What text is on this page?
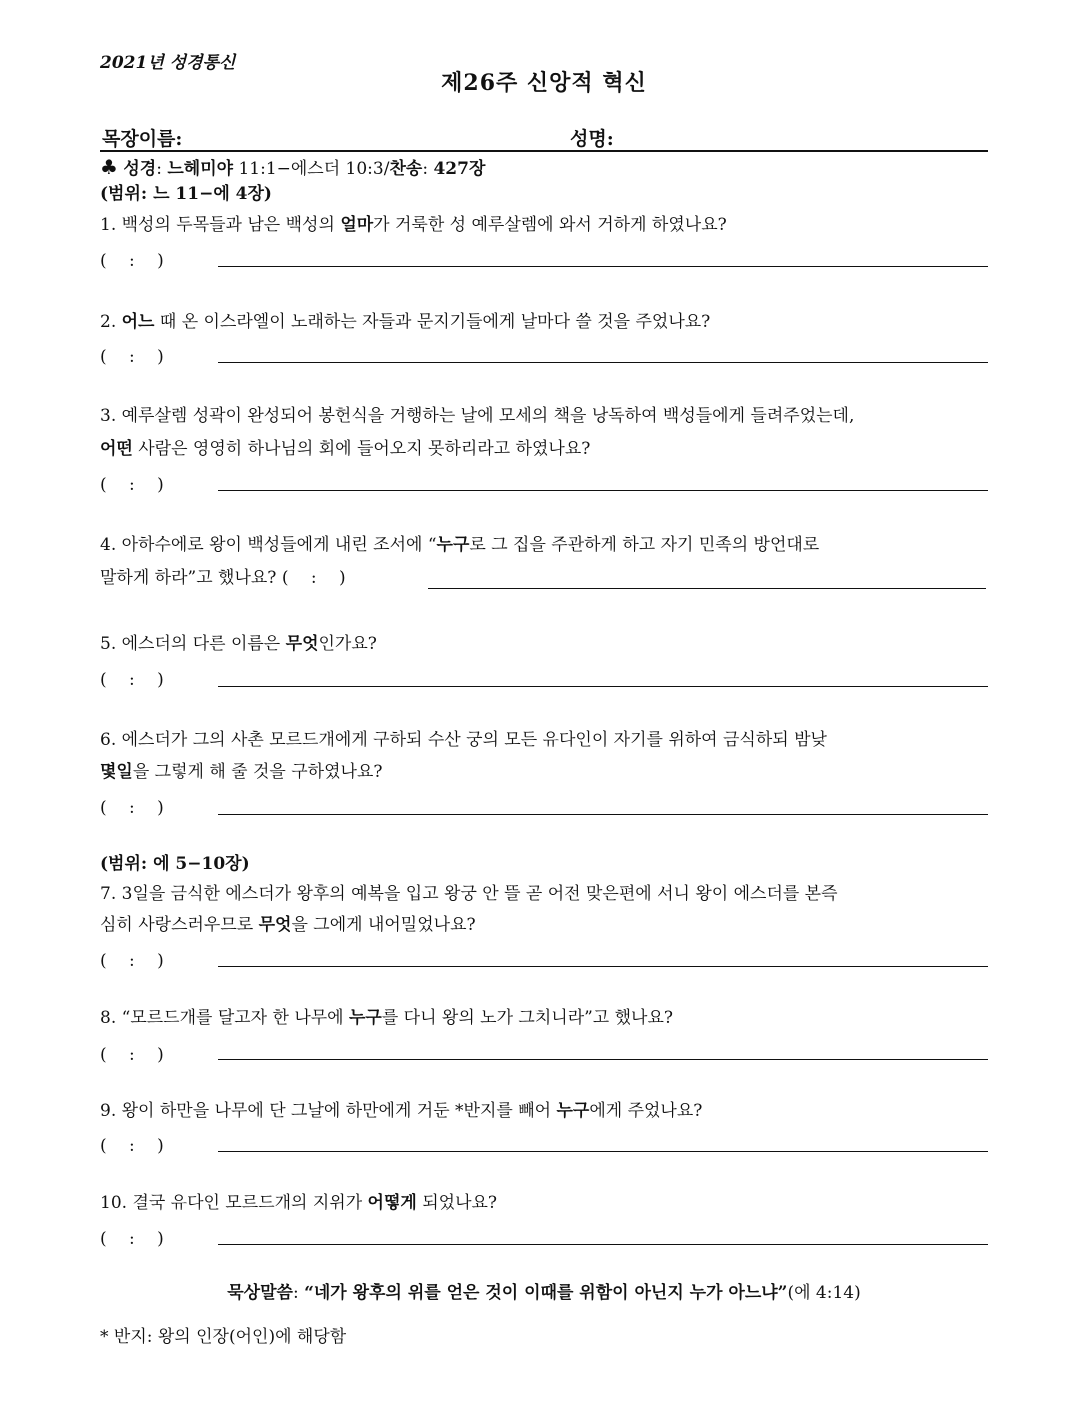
2021년 성경통신
제26주 신앙적 혁신
목장이름:	성명:
♣ 성경: 느헤미야 11:1−에스더 10:3/찬송: 427장
(범위: 느 11−에 4장)
1. 백성의 두목들과 남은 백성의 얼마가 거룩한 성 예루살렘에 와서 거하게 하였나요?
(　 :　 )
2. 어느 때 온 이스라엘이 노래하는 자들과 문지기들에게 날마다 쓸 것을 주었나요?
(　 :　 )
3. 예루살렘 성곽이 완성되어 봉헌식을 거행하는 날에 모세의 책을 낭독하여 백성들에게 들려주었는데,
어떤 사람은 영영히 하나님의 회에 들어오지 못하리라고 하였나요?
(　 :　 )
4. 아하수에로 왕이 백성들에게 내린 조서에 “누구로 그 집을 주관하게 하고 자기 민족의 방언대로
말하게 하라”고 했나요? (　 :　 )
5. 에스더의 다른 이름은 무엇인가요?
(　 :　 )
6. 에스더가 그의 사촌 모르드개에게 구하되 수산 궁의 모든 유다인이 자기를 위하여 금식하되 밤낮
몇일을 그렇게 해 줄 것을 구하였나요?
(　 :　 )
(범위: 에 5−10장)
7. 3일을 금식한 에스더가 왕후의 예복을 입고 왕궁 안 뜰 곧 어전 맞은편에 서니 왕이 에스더를 본즉
심히 사랑스러우므로 무엇을 그에게 내어밀었나요?
(　 :　 )
8. “모르드개를 달고자 한 나무에 누구를 다니 왕의 노가 그치니라”고 했나요?
(　 :　 )
9. 왕이 하만을 나무에 단 그날에 하만에게 거둔 *반지를 빼어 누구에게 주었나요?
(　 :　 )
10. 결국 유다인 모르드개의 지위가 어떻게 되었나요?
(　 :　 )
묵상말씀: “네가 왕후의 위를 얻은 것이 이때를 위함이 아닌지 누가 아느냐”(에 4:14)
* 반지: 왕의 인장(어인)에 해당함
